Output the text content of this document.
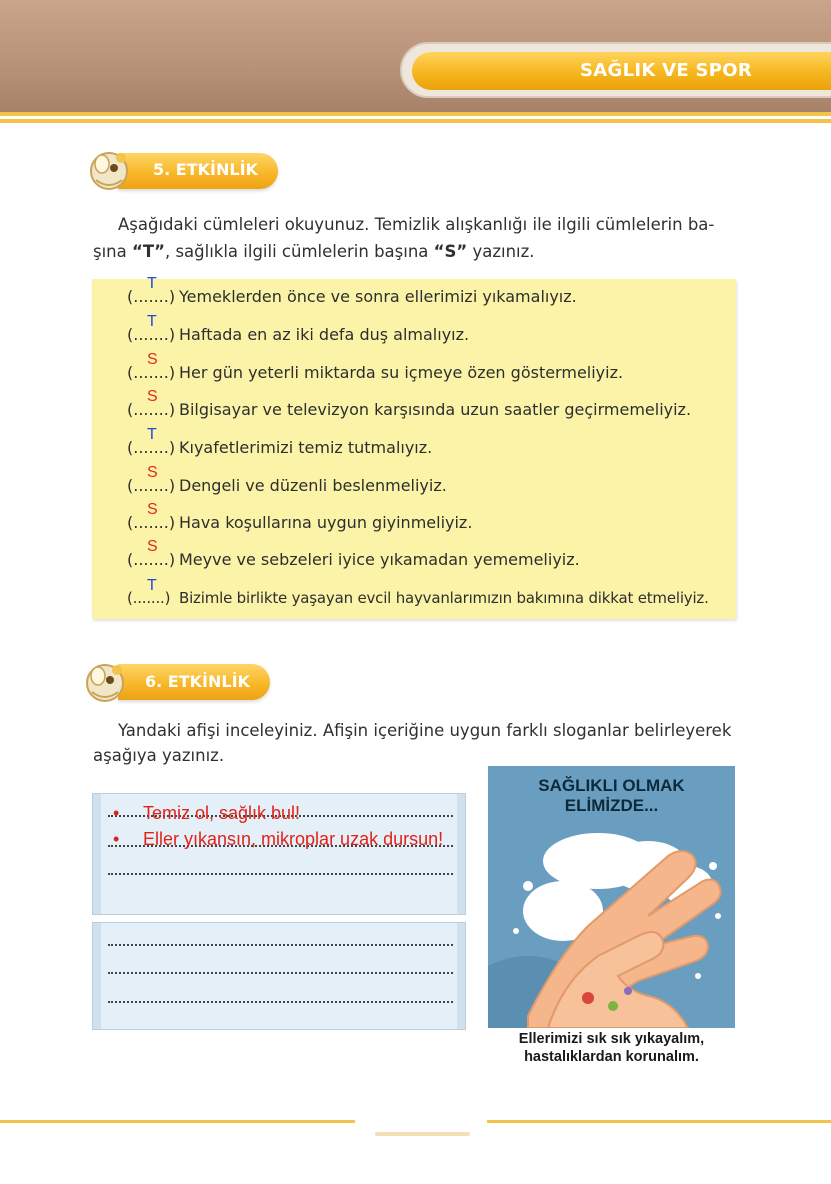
SAĞLIK VE SPOR
5. ETKİNLİK
Aşağıdaki cümleleri okuyunuz. Temizlik alışkanlığı ile ilgili cümlelerin ba-
şına “T”, sağlıkla ilgili cümlelerin başına “S” yazınız.
(.......)
T
Yemeklerden önce ve sonra ellerimizi yıkamalıyız.
(.......)
T
Haftada en az iki defa duş almalıyız.
(.......)
S
Her gün yeterli miktarda su içmeye özen göstermeliyiz.
(.......)
S
Bilgisayar ve televizyon karşısında uzun saatler geçirmemeliyiz.
(.......)
T
Kıyafetlerimizi temiz tutmalıyız.
(.......)
S
Dengeli ve düzenli beslenmeliyiz.
(.......)
S
Hava koşullarına uygun giyinmeliyiz.
(.......)
S
Meyve ve sebzeleri iyice yıkamadan yememeliyiz.
(.......)
T
Bizimle birlikte yaşayan evcil hayvanlarımızın bakımına dikkat etmeliyiz.
6. ETKİNLİK
Yandaki afişi inceleyiniz. Afişin içeriğine uygun farklı sloganlar belirleyerek
aşağıya yazınız.
• Temiz ol, sağlık bul!
• Eller yıkansın, mikroplar uzak dursun!
SAĞLIKLI OLMAK
ELİMİZDE...
Ellerimizi sık sık yıkayalım,
hastalıklardan korunalım.
